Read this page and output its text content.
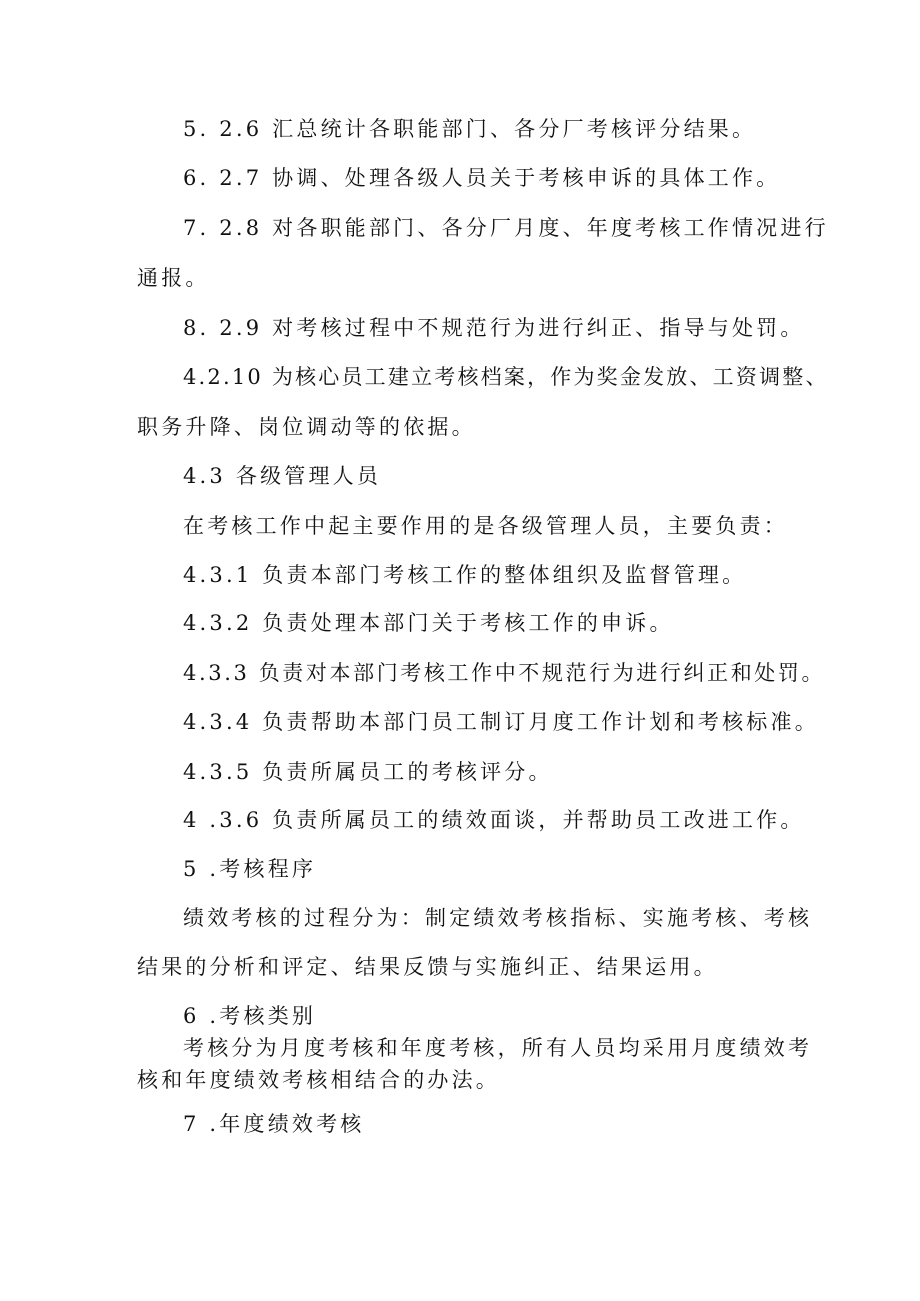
5. 2.6 汇总统计各职能部门、各分厂考核评分结果。
6. 2.7 协调、处理各级人员关于考核申诉的具体工作。
7. 2.8 对各职能部门、各分厂月度、年度考核工作情况进行
通报。
8. 2.9 对考核过程中不规范行为进行纠正、指导与处罚。
4.2.10 为核心员工建立考核档案，作为奖金发放、工资调整、
职务升降、岗位调动等的依据。
4.3 各级管理人员
在考核工作中起主要作用的是各级管理人员，主要负责：
4.3.1 负责本部门考核工作的整体组织及监督管理。
4.3.2 负责处理本部门关于考核工作的申诉。
4.3.3 负责对本部门考核工作中不规范行为进行纠正和处罚。
4.3.4 负责帮助本部门员工制订月度工作计划和考核标准。
4.3.5 负责所属员工的考核评分。
4 .3.6 负责所属员工的绩效面谈，并帮助员工改进工作。
5 .考核程序
绩效考核的过程分为：制定绩效考核指标、实施考核、考核
结果的分析和评定、结果反馈与实施纠正、结果运用。
6 .考核类别
考核分为月度考核和年度考核，所有人员均采用月度绩效考
核和年度绩效考核相结合的办法。
7 .年度绩效考核
